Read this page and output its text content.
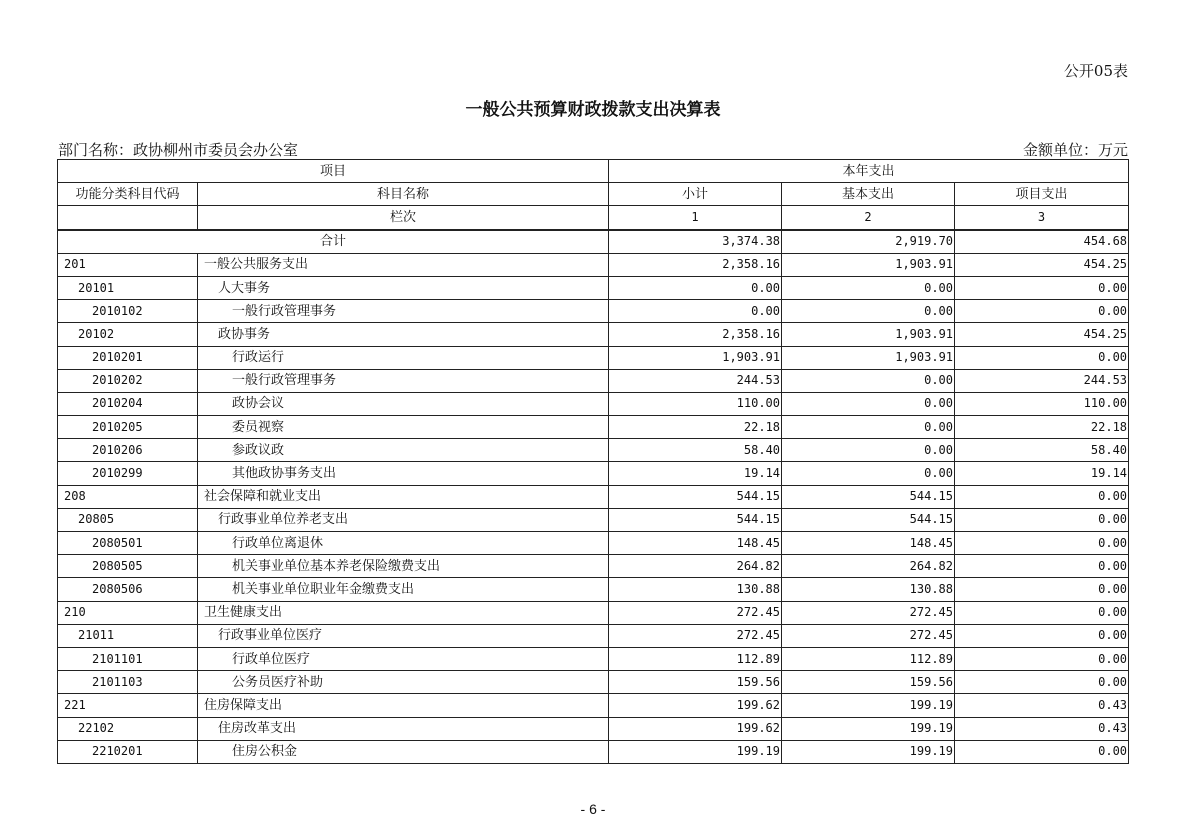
公开05表
一般公共预算财政拨款支出决算表
部门名称：政协柳州市委员会办公室	金额单位：万元
项目		本年支出		
功能分类科目代码	科目名称	小计	基本支出	项目支出
	栏次	1	2	3
合计		3,374.38	2,919.70	454.68
201	一般公共服务支出	2,358.16	1,903.91	454.25
20101	人大事务	0.00	0.00	0.00
2010102	一般行政管理事务	0.00	0.00	0.00
20102	政协事务	2,358.16	1,903.91	454.25
2010201	行政运行	1,903.91	1,903.91	0.00
2010202	一般行政管理事务	244.53	0.00	244.53
2010204	政协会议	110.00	0.00	110.00
2010205	委员视察	22.18	0.00	22.18
2010206	参政议政	58.40	0.00	58.40
2010299	其他政协事务支出	19.14	0.00	19.14
208	社会保障和就业支出	544.15	544.15	0.00
20805	行政事业单位养老支出	544.15	544.15	0.00
2080501	行政单位离退休	148.45	148.45	0.00
2080505	机关事业单位基本养老保险缴费支出	264.82	264.82	0.00
2080506	机关事业单位职业年金缴费支出	130.88	130.88	0.00
210	卫生健康支出	272.45	272.45	0.00
21011	行政事业单位医疗	272.45	272.45	0.00
2101101	行政单位医疗	112.89	112.89	0.00
2101103	公务员医疗补助	159.56	159.56	0.00
221	住房保障支出	199.62	199.19	0.43
22102	住房改革支出	199.62	199.19	0.43
2210201	住房公积金	199.19	199.19	0.00
- 6 -
